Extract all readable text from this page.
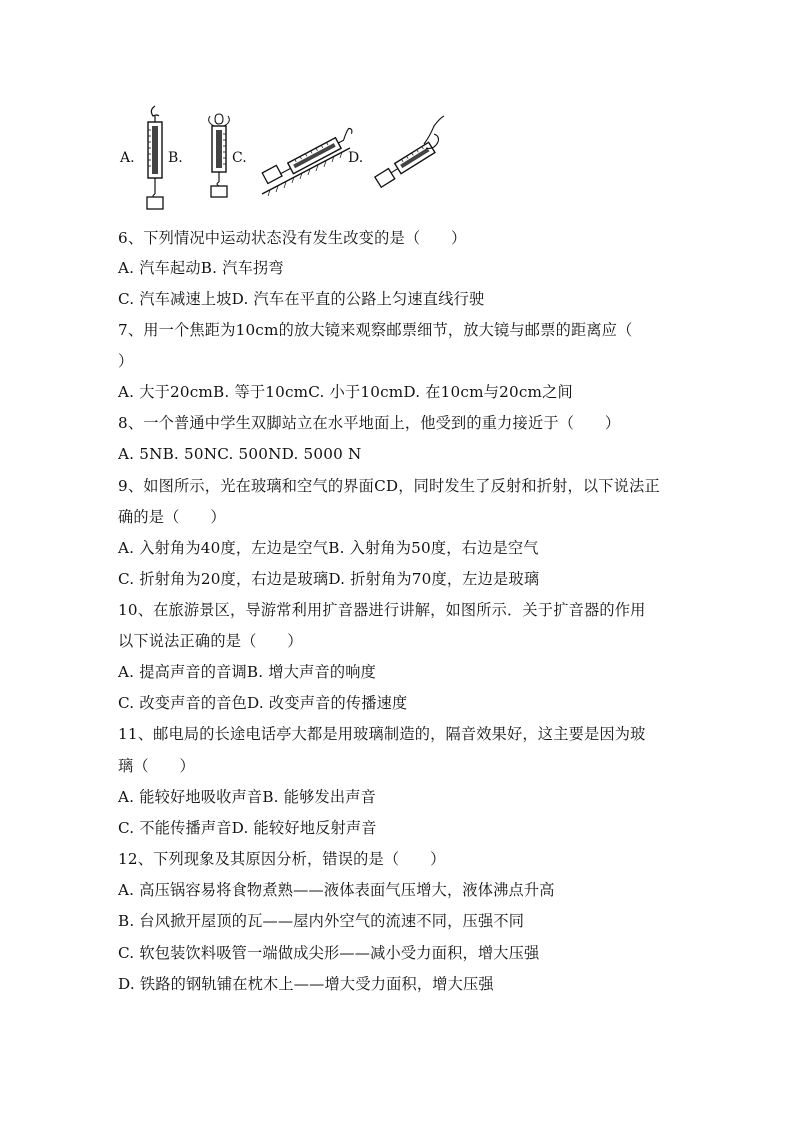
A. B.	C.	D.
6、下列情况中运动状态没有发生改变的是（　　）
A. 汽车起动B. 汽车拐弯
C. 汽车减速上坡D. 汽车在平直的公路上匀速直线行驶
7、用一个焦距为10cm的放大镜来观察邮票细节，放大镜与邮票的距离应（
）
A. 大于20cmB. 等于10cmC. 小于10cmD. 在10cm与20cm之间
8、一个普通中学生双脚站立在水平地面上，他受到的重力接近于（　　）
A. 5NB. 50NC. 500ND. 5000 N
9、如图所示，光在玻璃和空气的界面CD，同时发生了反射和折射，以下说法正
确的是（　　）
A. 入射角为40度，左边是空气B. 入射角为50度，右边是空气
C. 折射角为20度，右边是玻璃D. 折射角为70度，左边是玻璃
10、在旅游景区，导游常利用扩音器进行讲解，如图所示．关于扩音器的作用
以下说法正确的是（　　）
A. 提高声音的音调B. 增大声音的响度
C. 改变声音的音色D. 改变声音的传播速度
11、邮电局的长途电话亭大都是用玻璃制造的，隔音效果好，这主要是因为玻
璃（　　）
A. 能较好地吸收声音B. 能够发出声音
C. 不能传播声音D. 能较好地反射声音
12、下列现象及其原因分析，错误的是（　　）
A. 高压锅容易将食物煮熟——液体表面气压增大，液体沸点升高
B. 台风掀开屋顶的瓦——屋内外空气的流速不同，压强不同
C. 软包装饮料吸管一端做成尖形——减小受力面积，增大压强
D. 铁路的钢轨铺在枕木上——增大受力面积，增大压强
